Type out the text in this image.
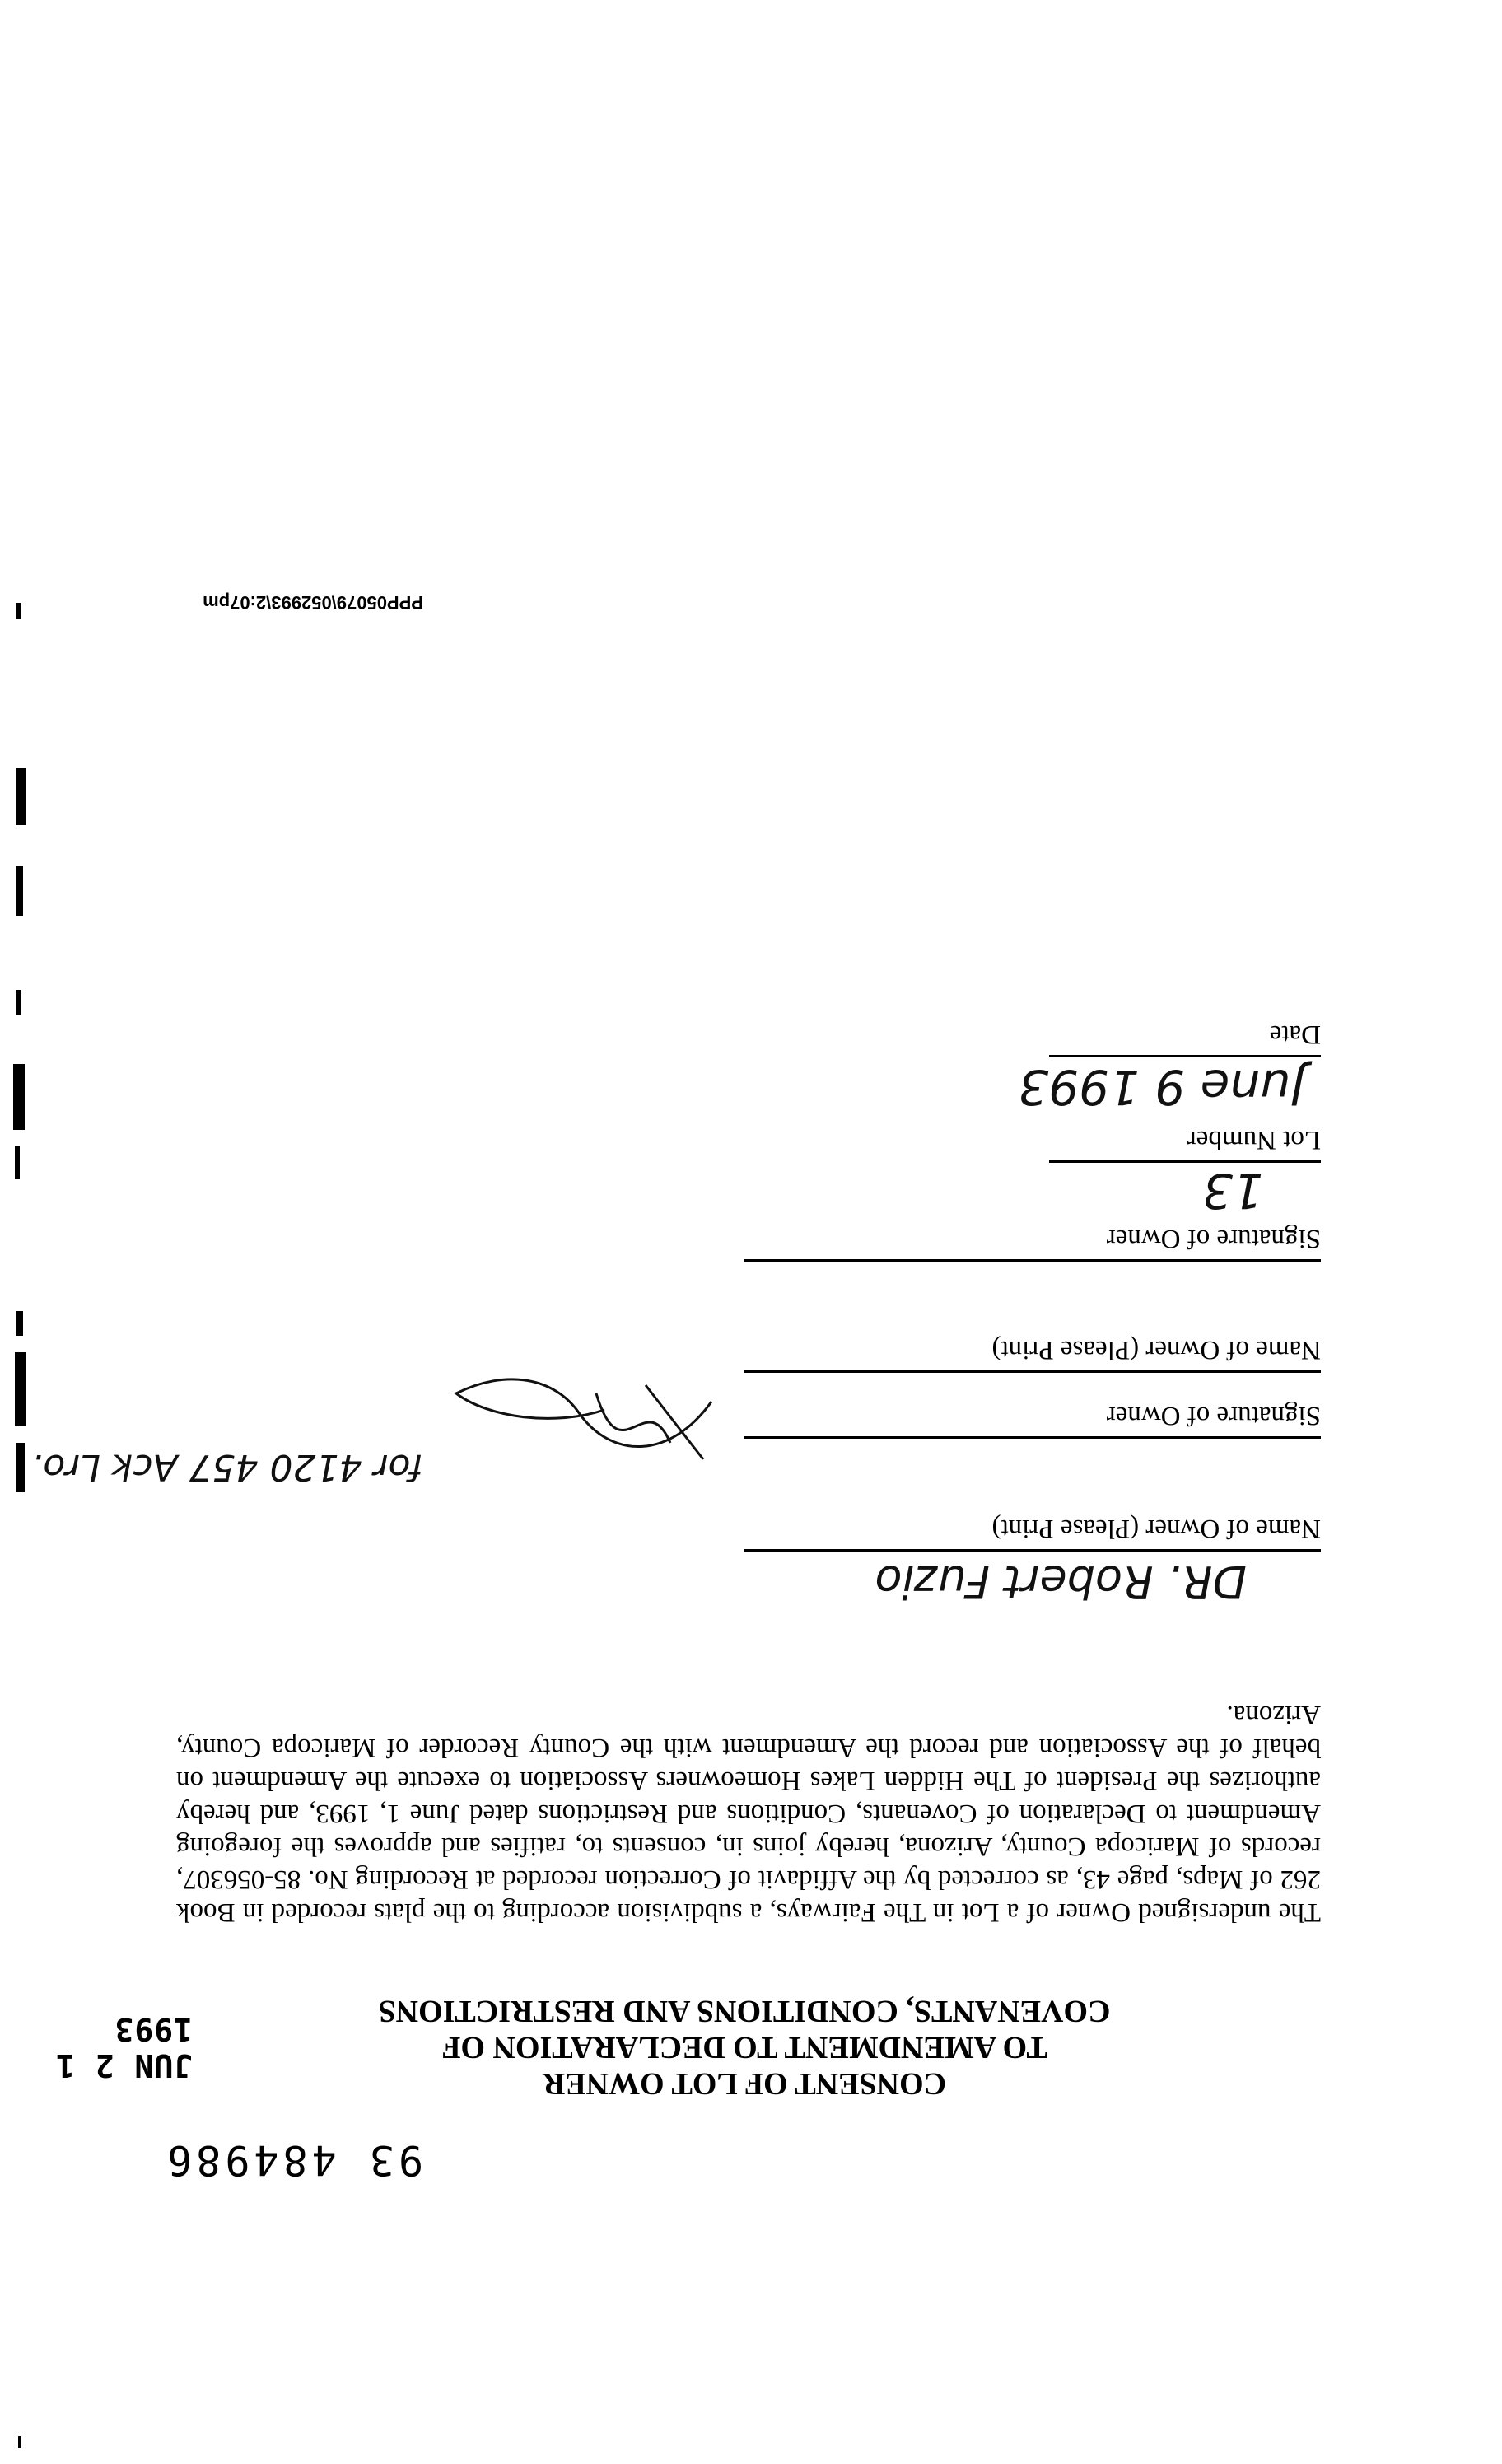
93 484986
JUN 2 1 1993
CONSENT OF LOT OWNER
TO AMENDMENT TO DECLARATION OF
COVENANTS, CONDITIONS AND RESTRICTIONS
The undersigned Owner of a Lot in The Fairways, a subdivision according to the plats recorded in Book 262 of Maps, page 43, as corrected by the Affidavit of Correction recorded at Recording No. 85-056307, records of Maricopa County, Arizona, hereby joins in, consents to, ratifies and approves the foregoing Amendment to Declaration of Covenants, Conditions and Restrictions dated June 1, 1993, and hereby authorizes the President of The Hidden Lakes Homeowners Association to execute the Amendment on behalf of the Association and record the Amendment with the County Recorder of Maricopa County, Arizona.
DR. Robert Fuzio
Name of Owner (Please Print)
for 4120 457 Ack Lro.
Signature of Owner
Name of Owner (Please Print)
Signature of Owner
13
Lot Number
June 9 1993
Date
PPP05079\052993\2:07pm
